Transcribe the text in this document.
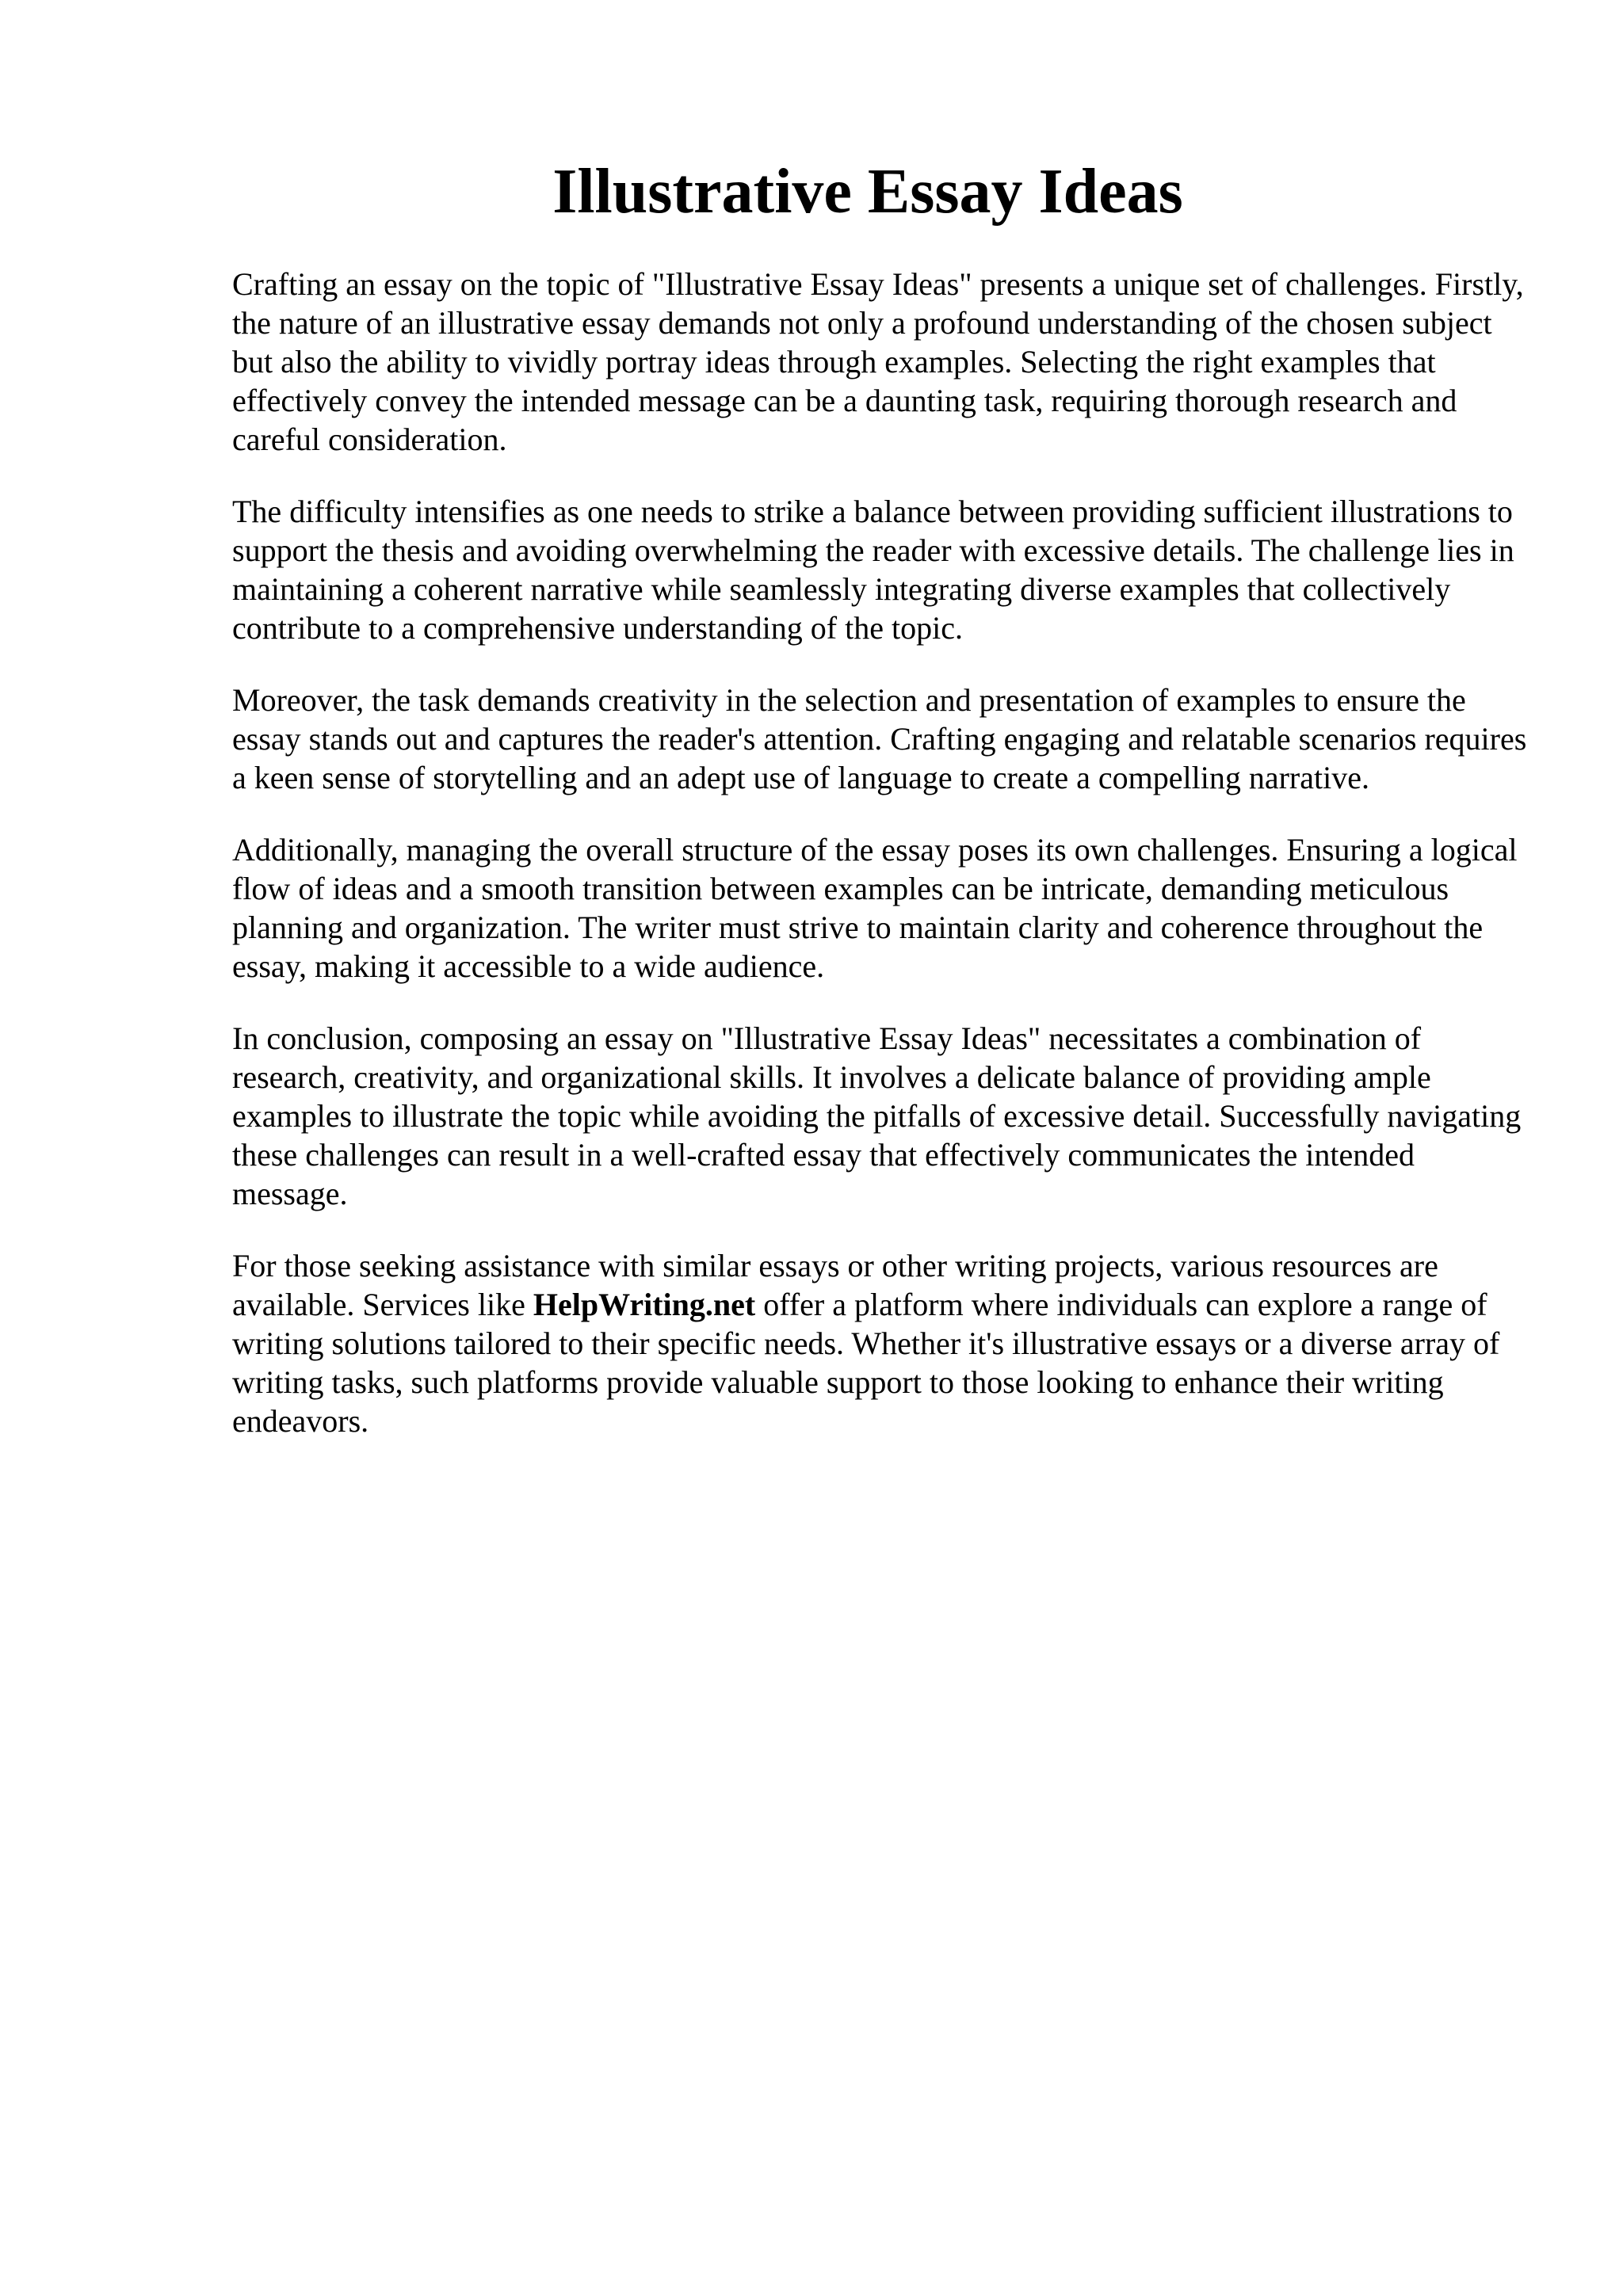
Illustrative Essay Ideas

Crafting an essay on the topic of "Illustrative Essay Ideas" presents a unique set of challenges. Firstly, the nature of an illustrative essay demands not only a profound understanding of the chosen subject but also the ability to vividly portray ideas through examples. Selecting the right examples that effectively convey the intended message can be a daunting task, requiring thorough research and careful consideration.

The difficulty intensifies as one needs to strike a balance between providing sufficient illustrations to support the thesis and avoiding overwhelming the reader with excessive details. The challenge lies in maintaining a coherent narrative while seamlessly integrating diverse examples that collectively contribute to a comprehensive understanding of the topic.

Moreover, the task demands creativity in the selection and presentation of examples to ensure the essay stands out and captures the reader's attention. Crafting engaging and relatable scenarios requires a keen sense of storytelling and an adept use of language to create a compelling narrative.

Additionally, managing the overall structure of the essay poses its own challenges. Ensuring a logical flow of ideas and a smooth transition between examples can be intricate, demanding meticulous planning and organization. The writer must strive to maintain clarity and coherence throughout the essay, making it accessible to a wide audience.

In conclusion, composing an essay on "Illustrative Essay Ideas" necessitates a combination of research, creativity, and organizational skills. It involves a delicate balance of providing ample examples to illustrate the topic while avoiding the pitfalls of excessive detail. Successfully navigating these challenges can result in a well-crafted essay that effectively communicates the intended message.

For those seeking assistance with similar essays or other writing projects, various resources are available. Services like HelpWriting.net offer a platform where individuals can explore a range of writing solutions tailored to their specific needs. Whether it's illustrative essays or a diverse array of writing tasks, such platforms provide valuable support to those looking to enhance their writing endeavors.
